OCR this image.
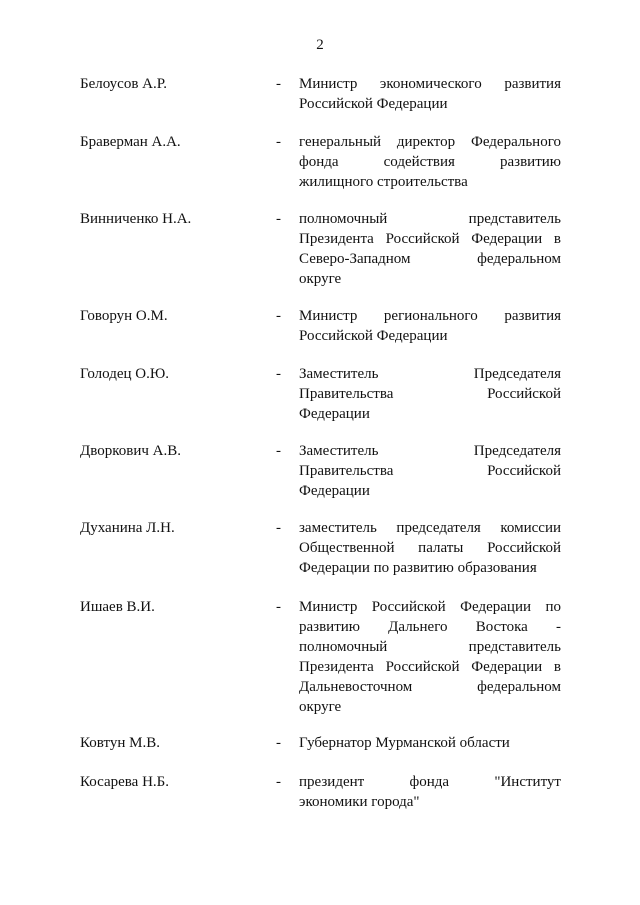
2
Белоусов А.Р.	- Министр экономического развития
Российской Федерации
Браверман А.А.	- генеральный директор Федерального
фонда содействия развитию
жилищного строительства
Винниченко Н.А.	- полномочный представитель
Президента Российской Федерации в
Северо-Западном федеральном
округе
Говорун О.М.	- Министр регионального развития
Российской Федерации
Голодец О.Ю.	- Заместитель Председателя
Правительства Российской
Федерации
Дворкович А.В.	- Заместитель Председателя
Правительства Российской
Федерации
Духанина Л.Н.	- заместитель председателя комиссии
Общественной палаты Российской
Федерации по развитию образования
Ишаев В.И.	- Министр Российской Федерации по
развитию Дальнего Востока -
полномочный представитель
Президента Российской Федерации в
Дальневосточном федеральном
округе
Ковтун М.В.	- Губернатор Мурманской области
Косарева Н.Б.	- президент фонда "Институт
экономики города"
